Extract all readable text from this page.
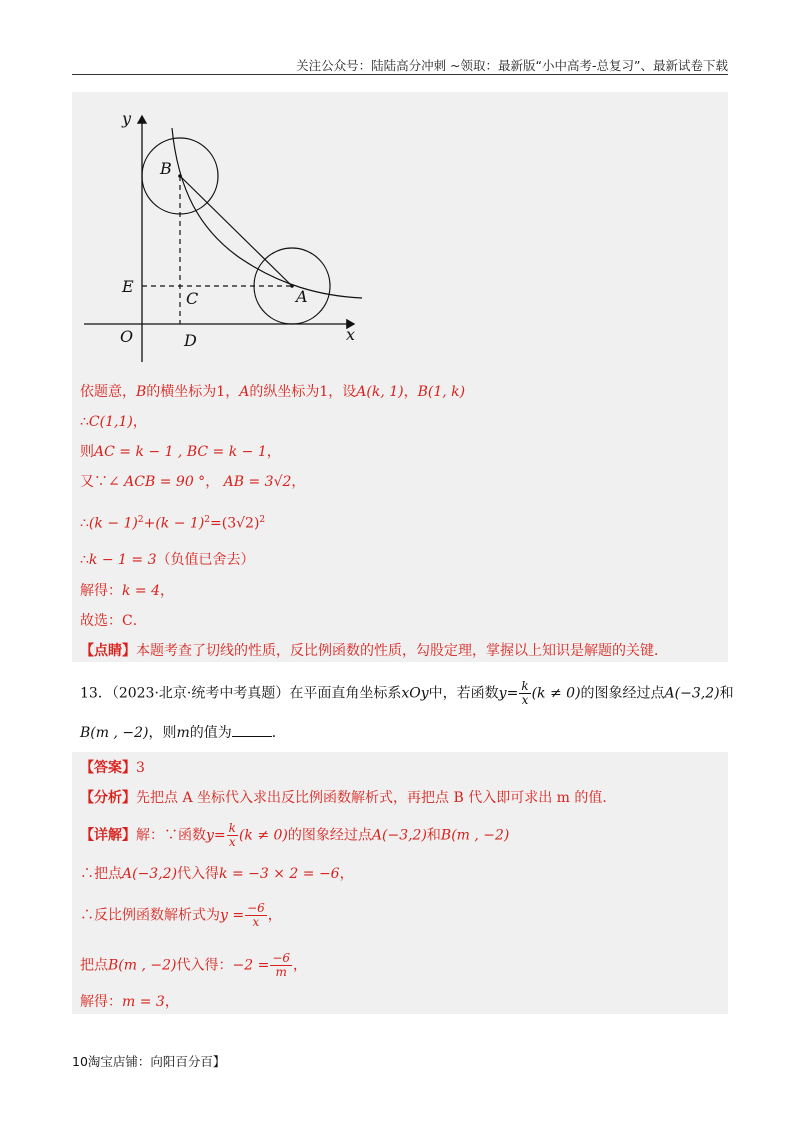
关注公众号：陆陆高分冲刺 ~领取：最新版“小中高考-总复习”、最新试卷下载
y
x
O
B
E
C	A
D
依题意，B的横坐标为1，A的纵坐标为1，设A(k, 1)，B(1, k)
∴C(1,1)，
则AC = k − 1 , BC = k − 1，
又∵∠ ACB = 90 °， AB = 3√2，
∴(k − $1)^2+(k - 1)^2=(3√2)^2$
∴k − 1 = 3（负值已舍去）
解得：k = 4，
故选：C．
【点睛】本题考查了切线的性质，反比例函数的性质，勾股定理，掌握以上知识是解题的关键．
13．（2023·北京·统考中考真题）在平面直角坐标系xOy中，若函数$y= \frac{k}{x} (k \ne 0)$的图象经过点A(−3,2)和
B(m , −2)，则m的值为	．
【答案】3
【分析】先把点 A 坐标代入求出反比例函数解析式，再把点 B 代入即可求出 m 的值．
【详解】解：∵函数$y= \frac{k}{x} (k \ne 0)$的图象经过点A(−3,2)和B(m , −2)
∴把点A(−3,2)代入得k = −3 × 2 = −6，
∴反比例函数解析式为$y = \frac{-6}{x}$ ，
把点B(m , −2)代入得：$-2 = \frac{-6}{m}$ ，
解得：m = 3，
10淘宝店铺：向阳百分百】
